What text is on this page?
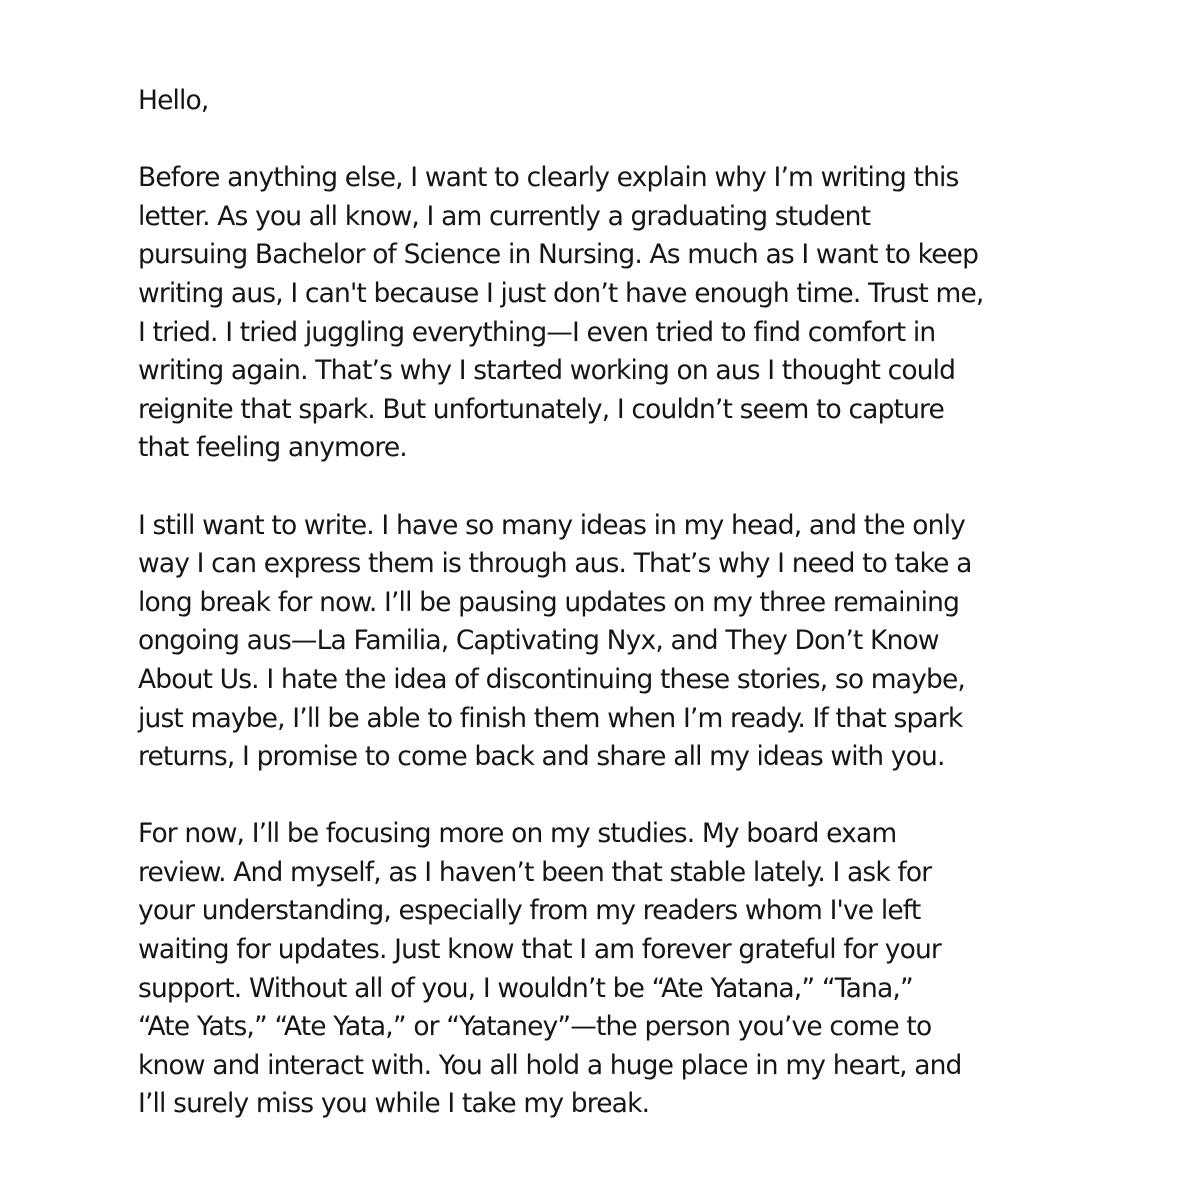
Hello,
Before anything else, I want to clearly explain why I’m writing this
letter. As you all know, I am currently a graduating student
pursuing Bachelor of Science in Nursing. As much as I want to keep
writing aus, I can't because I just don’t have enough time. Trust me,
I tried. I tried juggling everything—I even tried to find comfort in
writing again. That’s why I started working on aus I thought could
reignite that spark. But unfortunately, I couldn’t seem to capture
that feeling anymore.
I still want to write. I have so many ideas in my head, and the only
way I can express them is through aus. That’s why I need to take a
long break for now. I’ll be pausing updates on my three remaining
ongoing aus—La Familia, Captivating Nyx, and They Don’t Know
About Us. I hate the idea of discontinuing these stories, so maybe,
just maybe, I’ll be able to finish them when I’m ready. If that spark
returns, I promise to come back and share all my ideas with you.
For now, I’ll be focusing more on my studies. My board exam
review. And myself, as I haven’t been that stable lately. I ask for
your understanding, especially from my readers whom I've left
waiting for updates. Just know that I am forever grateful for your
support. Without all of you, I wouldn’t be “Ate Yatana,” “Tana,”
“Ate Yats,” “Ate Yata,” or “Yataney”—the person you’ve come to
know and interact with. You all hold a huge place in my heart, and
I’ll surely miss you while I take my break.
